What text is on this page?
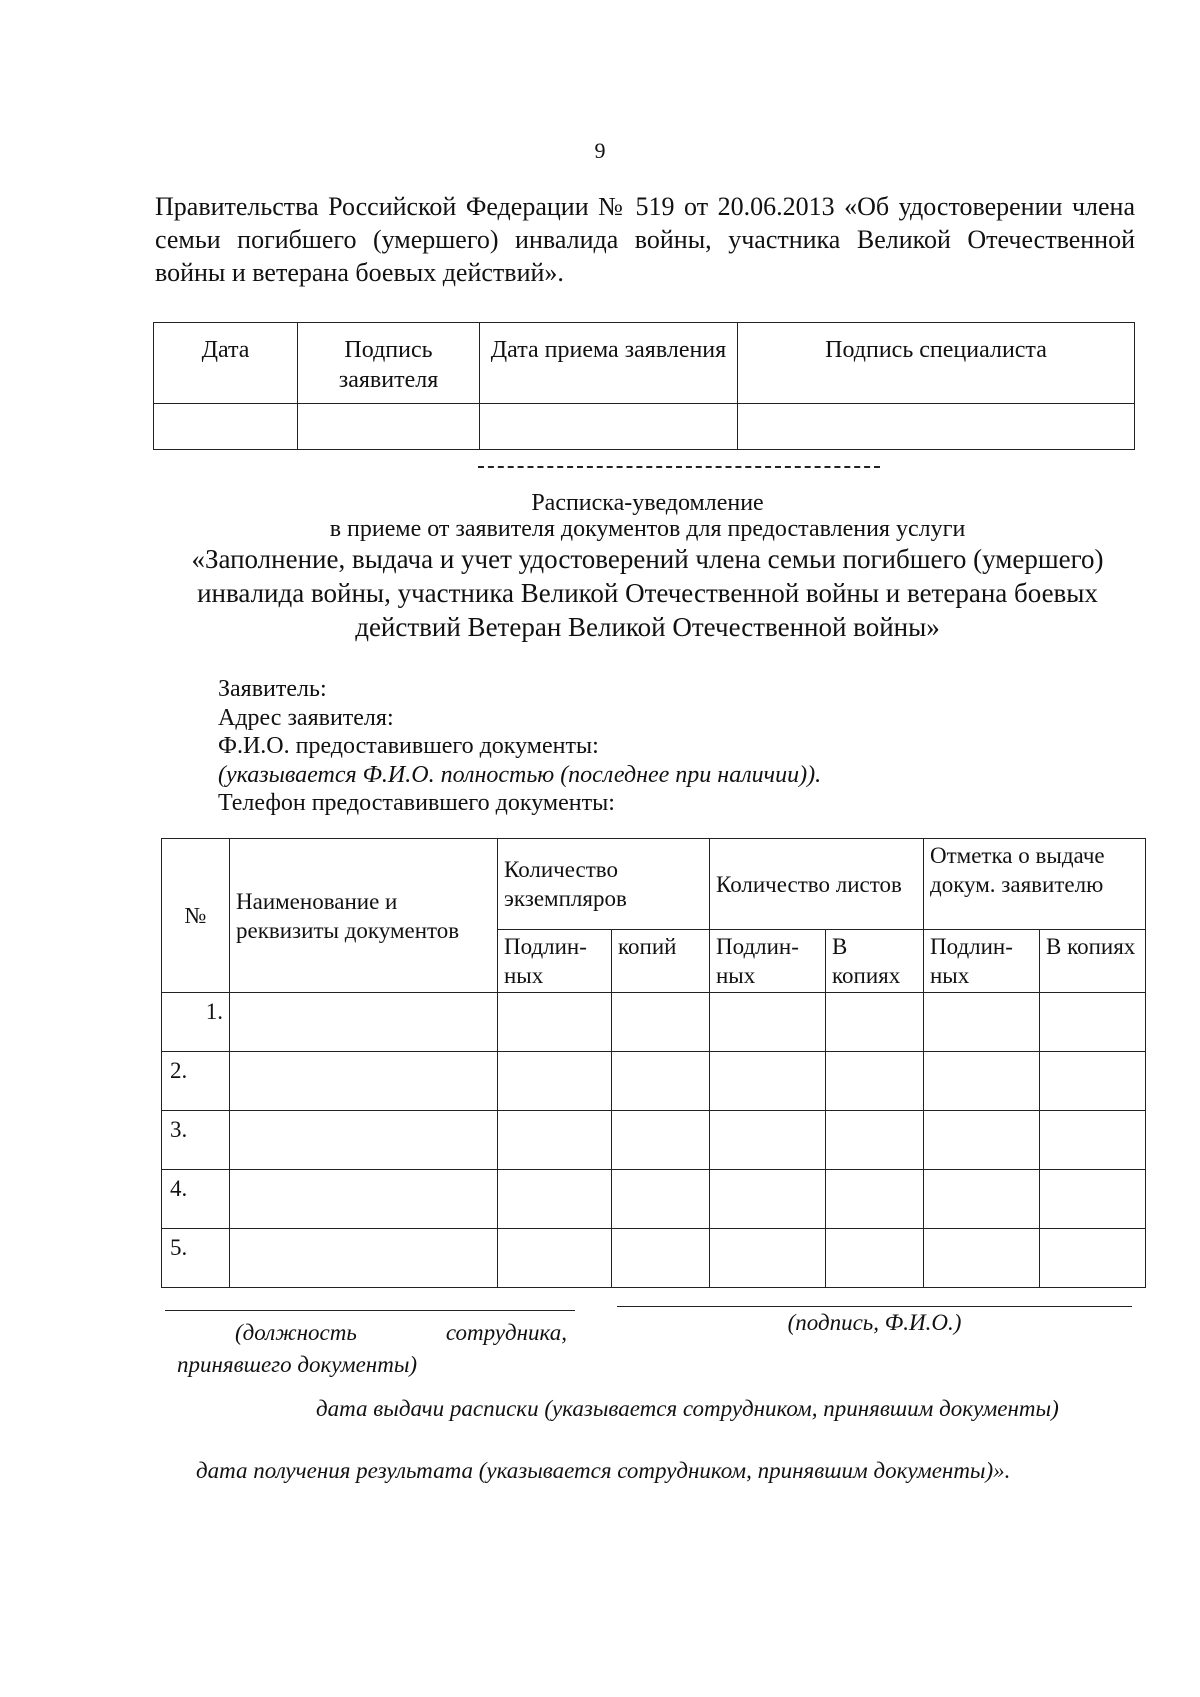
9
Правительства Российской Федерации № 519 от 20.06.2013 «Об удостоверении члена семьи погибшего (умершего) инвалида войны, участника Великой Отечественной войны и ветерана боевых действий».
Дата	Подпись заявителя	Дата приема заявления	Подпись специалиста

Расписка-уведомление
в приеме от заявителя документов для предоставления услуги
«Заполнение, выдача и учет удостоверений члена семьи погибшего (умершего) инвалида войны, участника Великой Отечественной войны и ветерана боевых действий Ветеран Великой Отечественной войны»
Заявитель:
Адрес заявителя:
Ф.И.О. предоставившего документы:
(указывается Ф.И.О. полностью (последнее при наличии)).
Телефон предоставившего документы:
№	Наименование и реквизиты документов	Количество экземпляров		Количество листов		Отметка о выдаче докум. заявителю	
		Подлин- ных	копий	Подлин- ных	В копиях	Подлин- ных	В копиях
1.							
2.							
3.							
4.							
5.							
(должность	сотрудника,
принявшего документы)
(подпись, Ф.И.О.)
дата выдачи расписки (указывается сотрудником, принявшим документы)
дата получения результата (указывается сотрудником, принявшим документы)».
